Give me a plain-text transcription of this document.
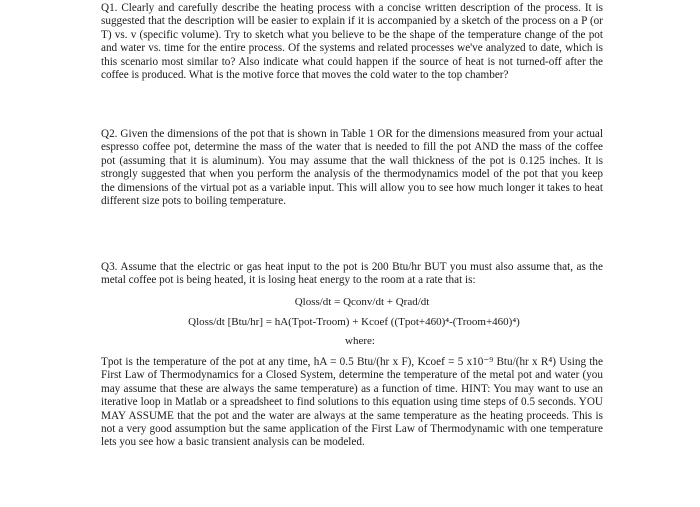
Q1. Clearly and carefully describe the heating process with a concise written description of the process. It is suggested that the description will be easier to explain if it is accompanied by a sketch of the process on a P (or T) vs. v (specific volume). Try to sketch what you believe to be the shape of the temperature change of the pot and water vs. time for the entire process. Of the systems and related processes we've analyzed to date, which is this scenario most similar to? Also indicate what could happen if the source of heat is not turned-off after the coffee is produced. What is the motive force that moves the cold water to the top chamber?

Q2. Given the dimensions of the pot that is shown in Table 1 OR for the dimensions measured from your actual espresso coffee pot, determine the mass of the water that is needed to fill the pot AND the mass of the coffee pot (assuming that it is aluminum). You may assume that the wall thickness of the pot is 0.125 inches. It is strongly suggested that when you perform the analysis of the thermodynamics model of the pot that you keep the dimensions of the virtual pot as a variable input. This will allow you to see how much longer it takes to heat different size pots to boiling temperature.

Q3. Assume that the electric or gas heat input to the pot is 200 Btu/hr BUT you must also assume that, as the metal coffee pot is being heated, it is losing heat energy to the room at a rate that is:

Qloss/dt = Qconv/dt + Qrad/dt

Qloss/dt [Btu/hr] = hA(Tpot-Troom) + Kcoef ((Tpot+460)⁴-(Troom+460)⁴)

where:

Tpot is the temperature of the pot at any time, hA = 0.5 Btu/(hr x F), Kcoef = 5 x10⁻⁹ Btu/(hr x R⁴) Using the First Law of Thermodynamics for a Closed System, determine the temperature of the metal pot and water (you may assume that these are always the same temperature) as a function of time. HINT: You may want to use an iterative loop in Matlab or a spreadsheet to find solutions to this equation using time steps of 0.5 seconds. YOU MAY ASSUME that the pot and the water are always at the same temperature as the heating proceeds. This is not a very good assumption but the same application of the First Law of Thermodynamic with one temperature lets you see how a basic transient analysis can be modeled.
